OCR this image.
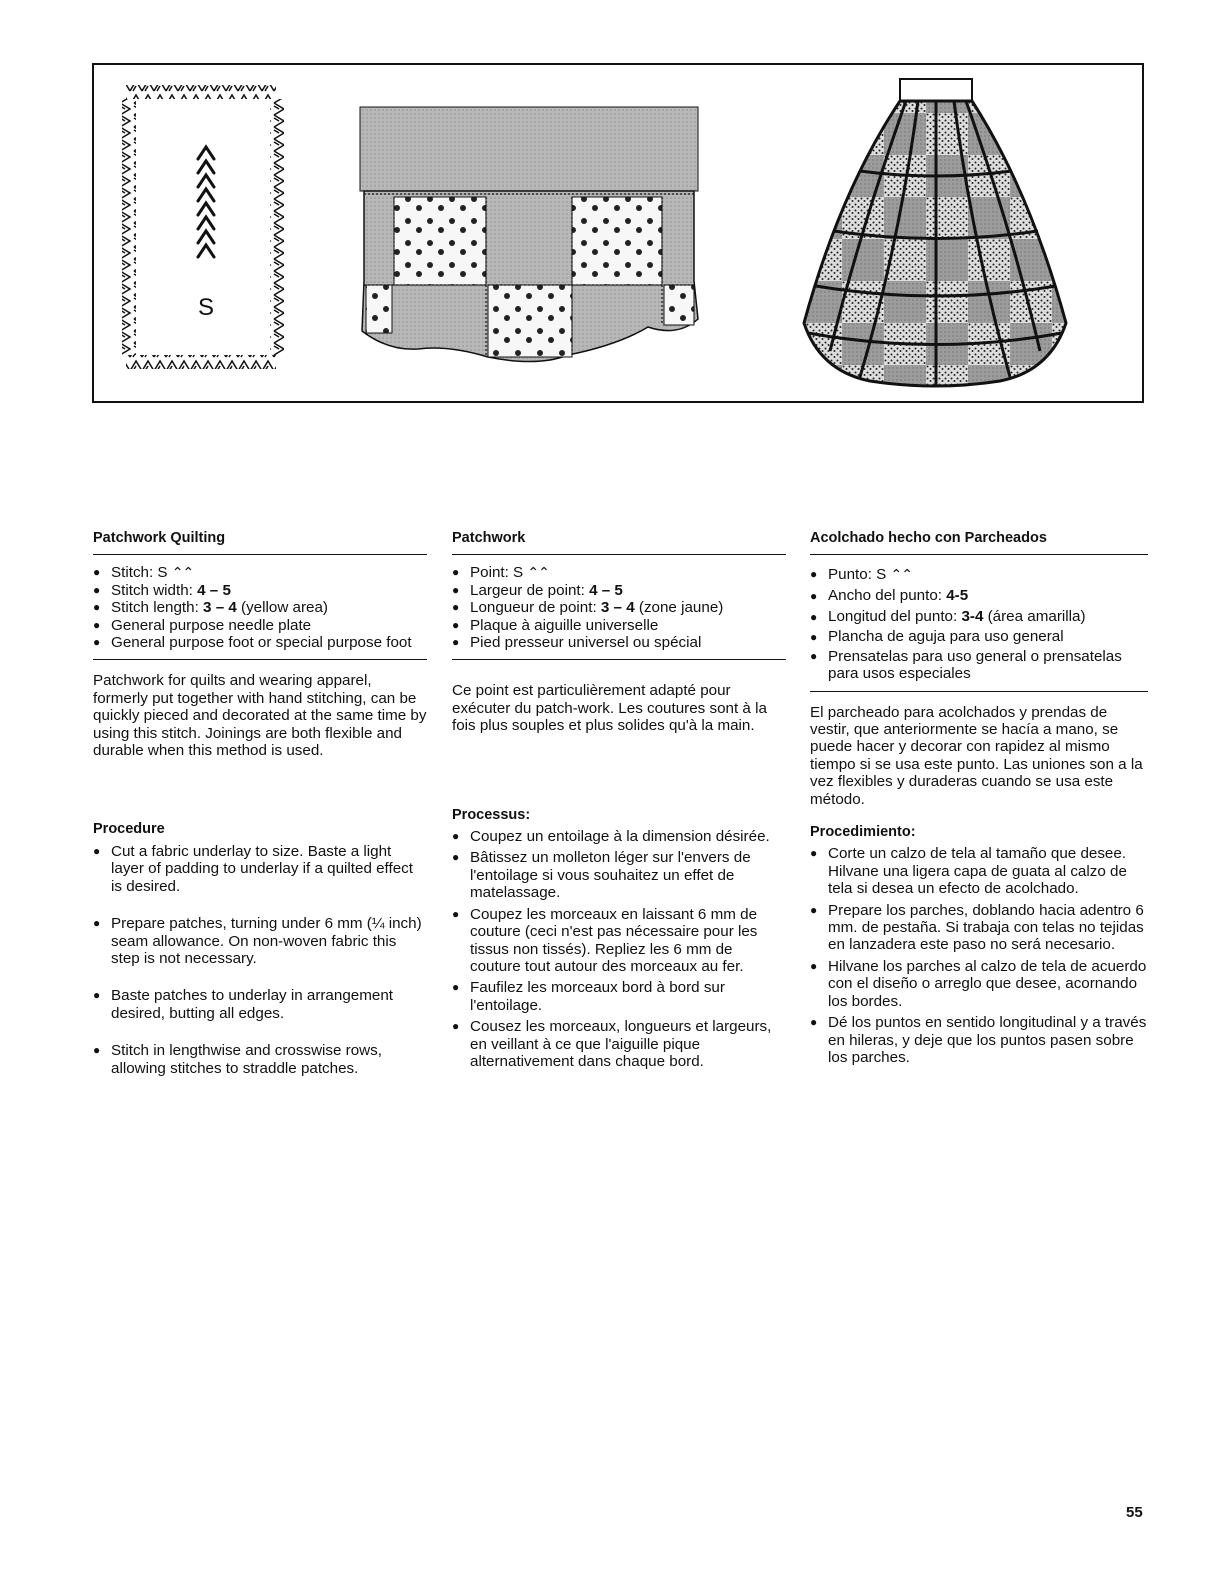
S
Patchwork Quilting
● Stitch: S ⌃⌃
● Stitch width: 4 – 5
● Stitch length: 3 – 4 (yellow area)
● General purpose needle plate
● General purpose foot or special purpose foot

Patchwork for quilts and wearing apparel, formerly put together with hand stitching, can be quickly pieced and decorated at the same time by using this stitch. Joinings are both flexible and durable when this method is used.

Procedure
● Cut a fabric underlay to size. Baste a light layer of padding to underlay if a quilted effect is desired.
● Prepare patches, turning under 6 mm (¼ inch) seam allowance. On non-woven fabric this step is not necessary.
● Baste patches to underlay in arrangement desired, butting all edges.
● Stitch in lengthwise and crosswise rows, allowing stitches to straddle patches.
Patchwork
● Point: S ⌃⌃
● Largeur de point: 4 – 5
● Longueur de point: 3 – 4 (zone jaune)
● Plaque à aiguille universelle
● Pied presseur universel ou spécial

Ce point est particulièrement adapté pour exécuter du patch-work. Les coutures sont à la fois plus souples et plus solides qu'à la main.

Processus:
● Coupez un entoilage à la dimension désirée.
● Bâtissez un molleton léger sur l'envers de l'entoilage si vous souhaitez un effet de matelassage.
● Coupez les morceaux en laissant 6 mm de couture (ceci n'est pas nécessaire pour les tissus non tissés). Repliez les 6 mm de couture tout autour des morceaux au fer.
● Faufilez les morceaux bord à bord sur l'entoilage.
● Cousez les morceaux, longueurs et largeurs, en veillant à ce que l'aiguille pique alternativement dans chaque bord.
Acolchado hecho con Parcheados
● Punto: S ⌃⌃
● Ancho del punto: 4-5
● Longitud del punto: 3-4 (área amarilla)
● Plancha de aguja para uso general
● Prensatelas para uso general o prensatelas para usos especiales

El parcheado para acolchados y prendas de vestir, que anteriormente se hacía a mano, se puede hacer y decorar con rapidez al mismo tiempo si se usa este punto. Las uniones son a la vez flexibles y duraderas cuando se usa este método.

Procedimiento:
● Corte un calzo de tela al tamaño que desee. Hilvane una ligera capa de guata al calzo de tela si desea un efecto de acolchado.
● Prepare los parches, doblando hacia adentro 6 mm. de pestaña. Si trabaja con telas no tejidas en lanzadera este paso no será necesario.
● Hilvane los parches al calzo de tela de acuerdo con el diseño o arreglo que desee, acornando los bordes.
● Dé los puntos en sentido longitudinal y a través en hileras, y deje que los puntos pasen sobre los parches.
55
